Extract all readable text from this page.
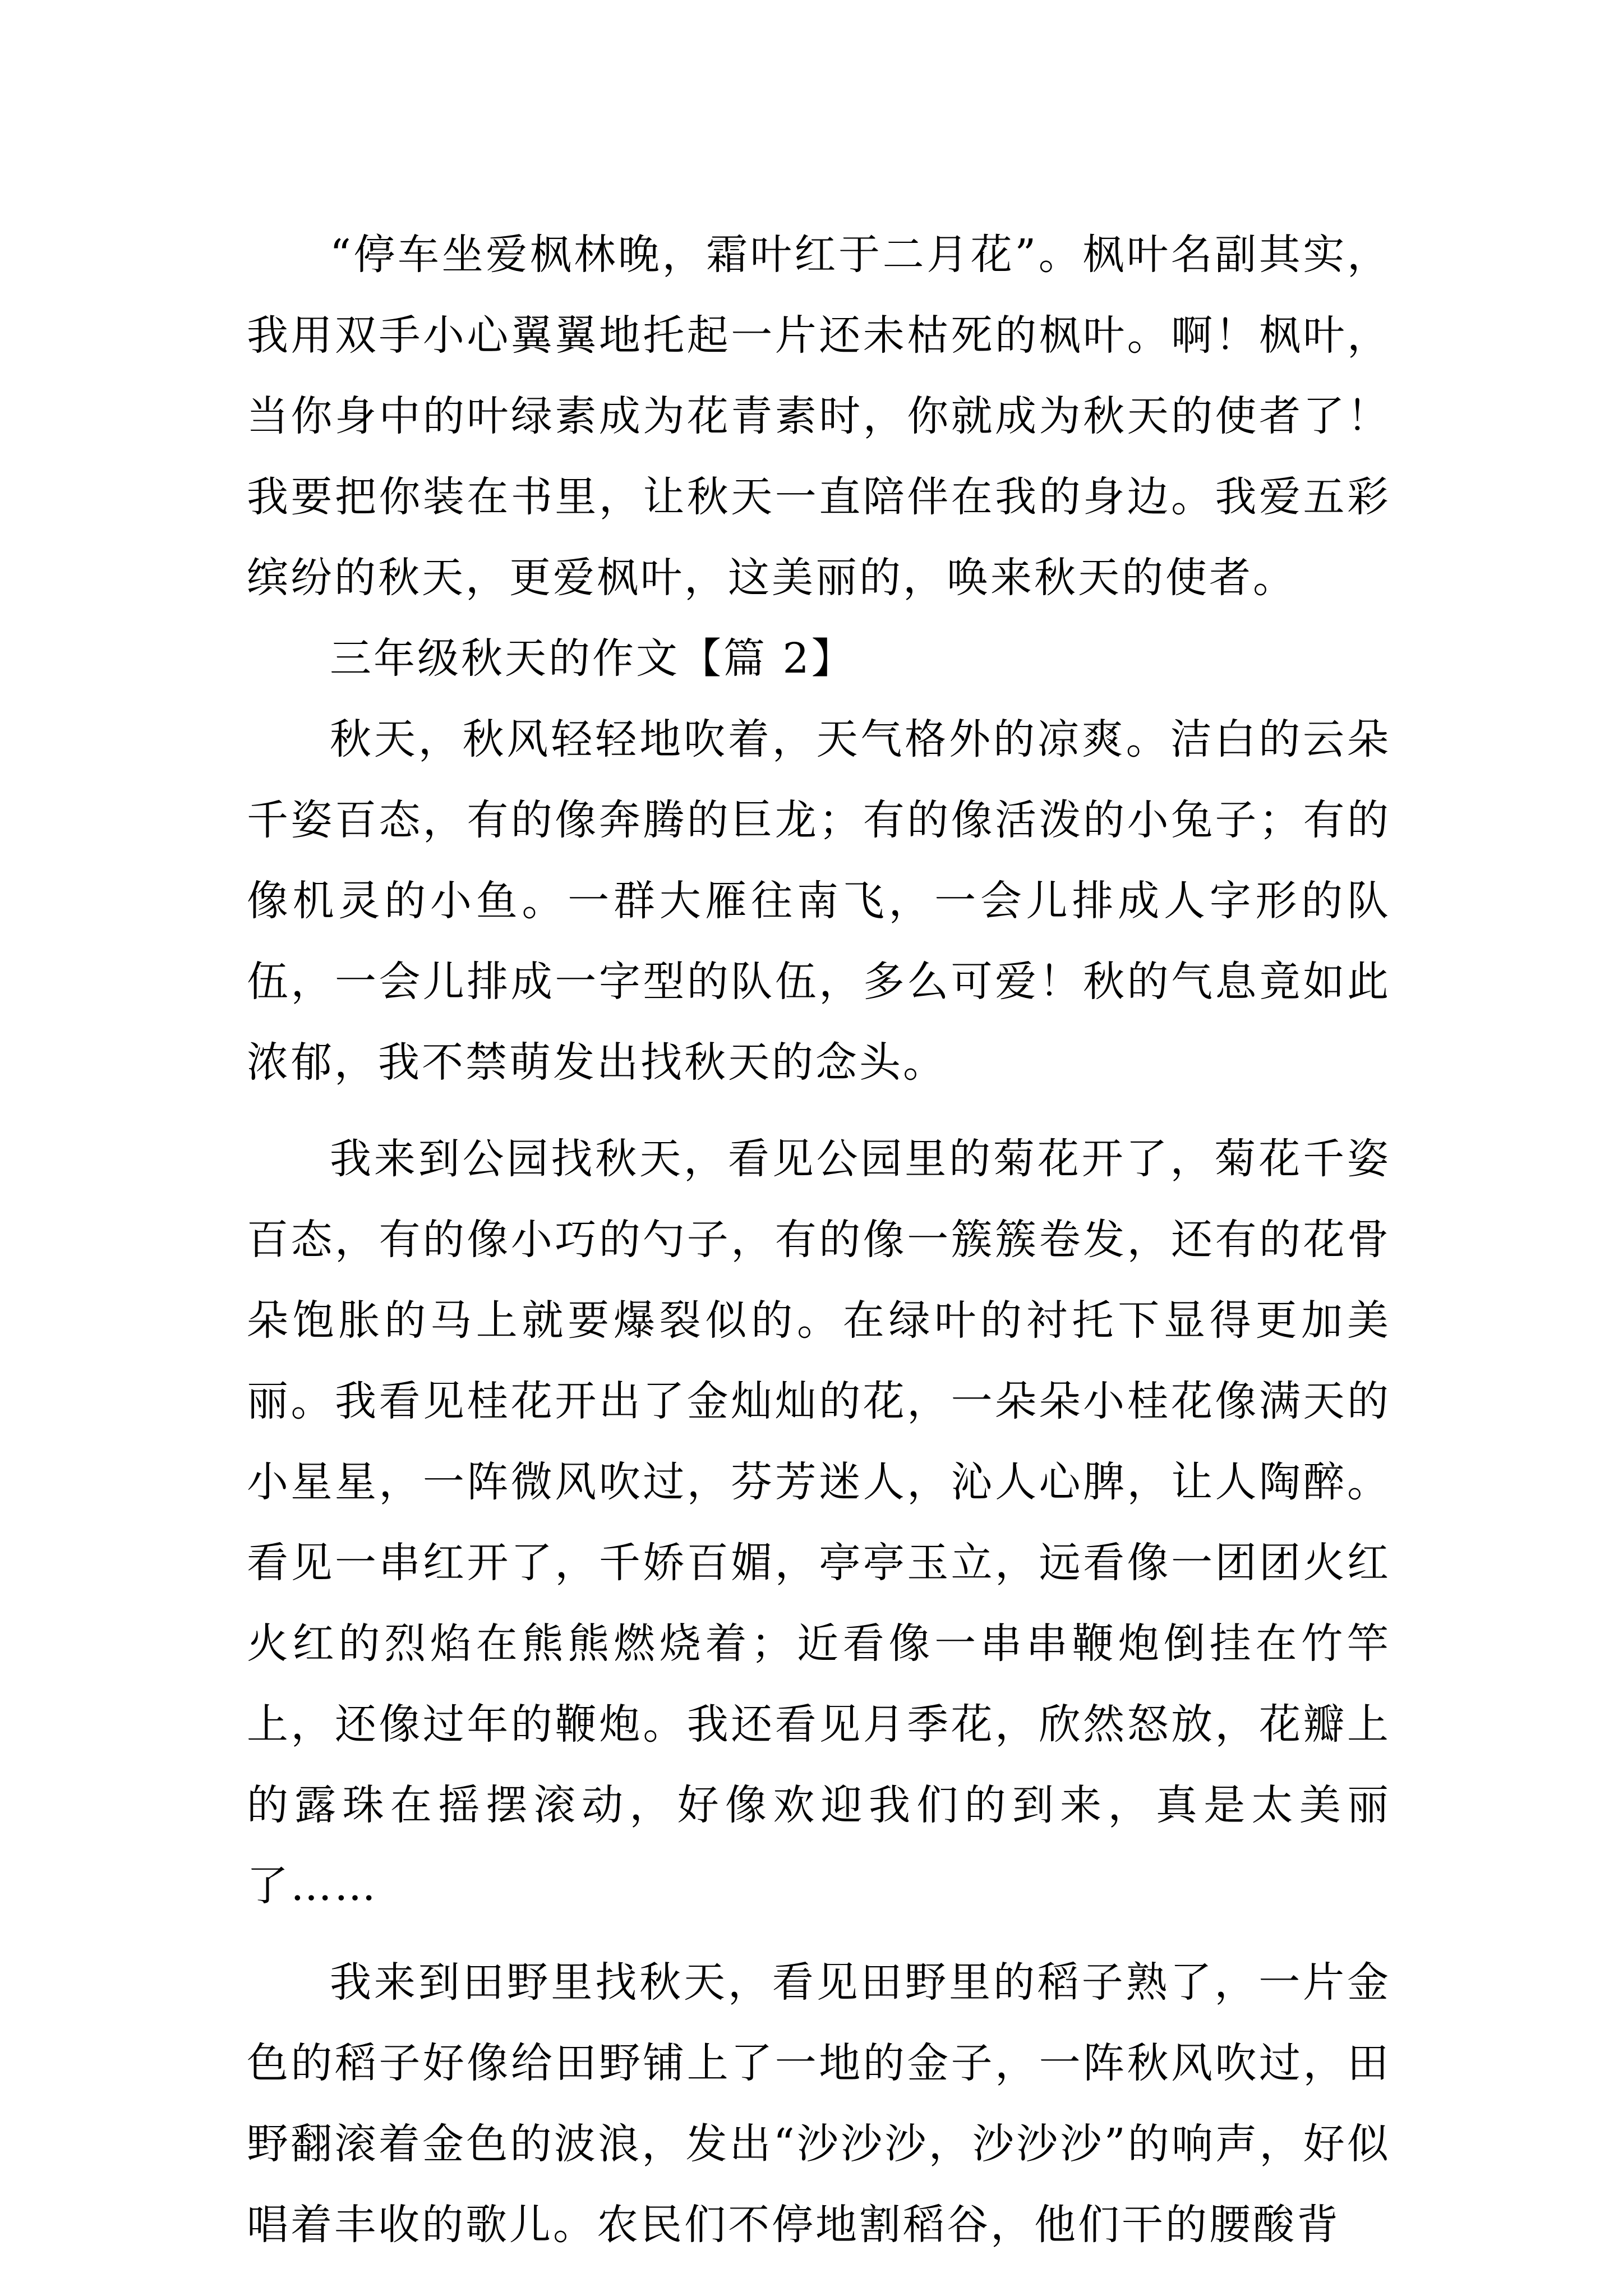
“停车坐爱枫林晚，霜叶红于二月花”。枫叶名副其实，我用双手小心翼翼地托起一片还未枯死的枫叶。啊！枫叶，当你身中的叶绿素成为花青素时，你就成为秋天的使者了！我要把你装在书里，让秋天一直陪伴在我的身边。我爱五彩缤纷的秋天，更爱枫叶，这美丽的，唤来秋天的使者。

三年级秋天的作文【篇 2】

秋天，秋风轻轻地吹着，天气格外的凉爽。洁白的云朵千姿百态，有的像奔腾的巨龙；有的像活泼的小兔子；有的像机灵的小鱼。一群大雁往南飞，一会儿排成人字形的队伍，一会儿排成一字型的队伍，多么可爱！秋的气息竟如此浓郁，我不禁萌发出找秋天的念头。

我来到公园找秋天，看见公园里的菊花开了，菊花千姿百态，有的像小巧的勺子，有的像一簇簇卷发，还有的花骨朵饱胀的马上就要爆裂似的。在绿叶的衬托下显得更加美丽。我看见桂花开出了金灿灿的花，一朵朵小桂花像满天的小星星，一阵微风吹过，芬芳迷人，沁人心脾，让人陶醉。看见一串红开了，千娇百媚，亭亭玉立，远看像一团团火红火红的烈焰在熊熊燃烧着；近看像一串串鞭炮倒挂在竹竿上，还像过年的鞭炮。我还看见月季花，欣然怒放，花瓣上的露珠在摇摆滚动，好像欢迎我们的到来，真是太美丽了……

我来到田野里找秋天，看见田野里的稻子熟了，一片金色的稻子好像给田野铺上了一地的金子，一阵秋风吹过，田野翻滚着金色的波浪，发出“沙沙沙，沙沙沙”的响声，好似唱着丰收的歌儿。农民们不停地割稻谷，他们干的腰酸背
